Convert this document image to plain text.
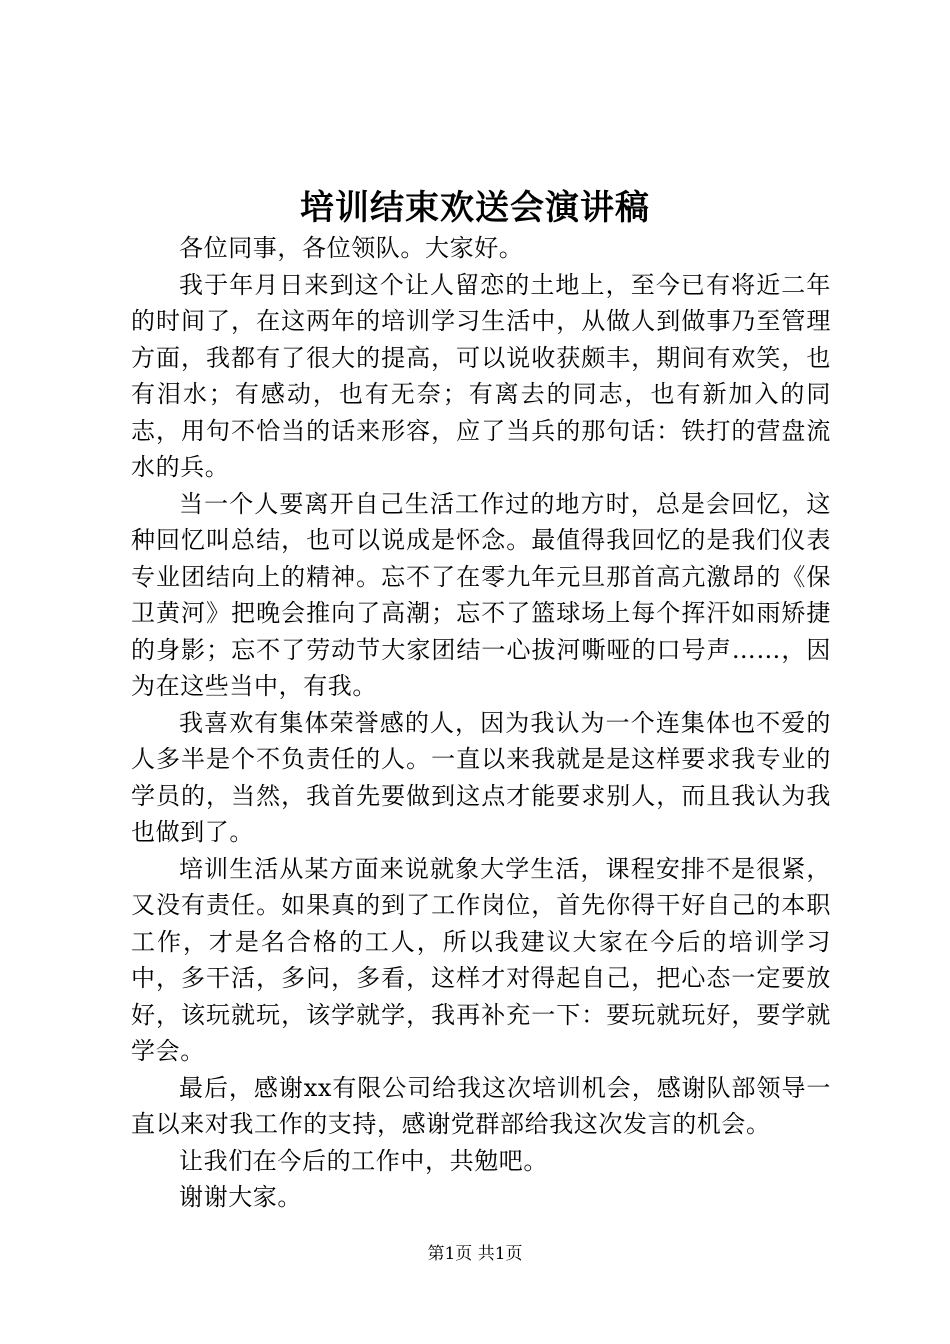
培训结束欢送会演讲稿

各位同事，各位领队。大家好。

我于年月日来到这个让人留恋的土地上，至今已有将近二年的时间了，在这两年的培训学习生活中，从做人到做事乃至管理方面，我都有了很大的提高，可以说收获颇丰，期间有欢笑，也有泪水；有感动，也有无奈；有离去的同志，也有新加入的同志，用句不恰当的话来形容，应了当兵的那句话：铁打的营盘流水的兵。

当一个人要离开自己生活工作过的地方时，总是会回忆，这种回忆叫总结，也可以说成是怀念。最值得我回忆的是我们仪表专业团结向上的精神。忘不了在零九年元旦那首高亢激昂的《保卫黄河》把晚会推向了高潮；忘不了篮球场上每个挥汗如雨矫捷的身影；忘不了劳动节大家团结一心拔河嘶哑的口号声……，因为在这些当中，有我。

我喜欢有集体荣誉感的人，因为我认为一个连集体也不爱的人多半是个不负责任的人。一直以来我就是是这样要求我专业的学员的，当然，我首先要做到这点才能要求别人，而且我认为我也做到了。

培训生活从某方面来说就象大学生活，课程安排不是很紧，又没有责任。如果真的到了工作岗位，首先你得干好自己的本职工作，才是名合格的工人，所以我建议大家在今后的培训学习中，多干活，多问，多看，这样才对得起自己，把心态一定要放好，该玩就玩，该学就学，我再补充一下：要玩就玩好，要学就学会。

最后，感谢xx有限公司给我这次培训机会，感谢队部领导一直以来对我工作的支持，感谢党群部给我这次发言的机会。

让我们在今后的工作中，共勉吧。

谢谢大家。

第1页 共1页
